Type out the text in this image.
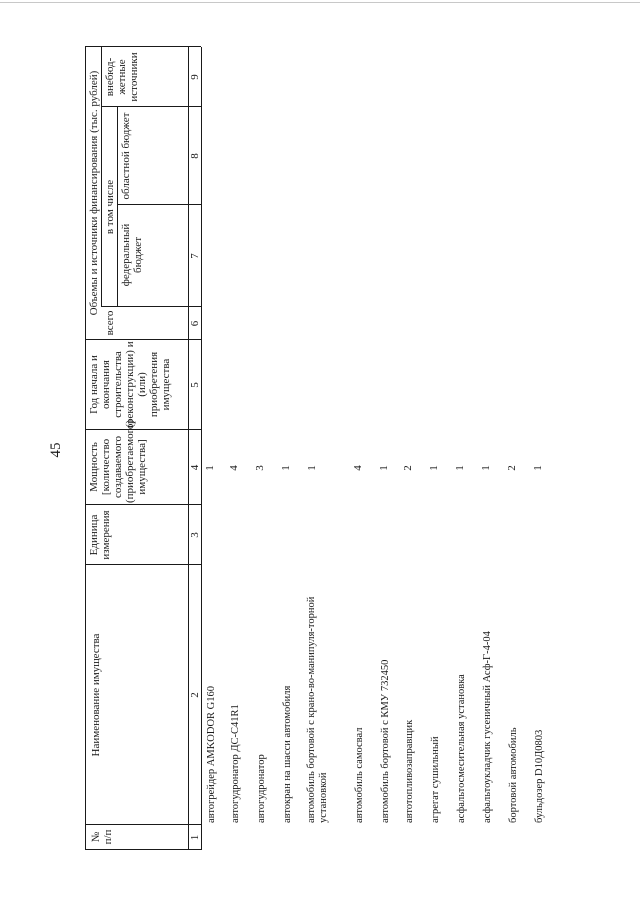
45
№ п/п
Наименование имущества
Единица измерения
Мощность [количество создаваемого (приобретаемого) имущества]
Год начала и окончания строительства (реконструкции) и (или) приобретения имущества
Объемы и источники финансирования (тыс. рублей)
всего
в том числе
федеральный бюджет
областной бюджет
внебюд-жетные источники
1
2
3
4
5
6
7
8
9
автогрейдер AMKODOR G160
1
автогудронатор ДС-С41R1
4
автогудронатор
3
автокран на шасси автомобиля
1
автомобиль бортовой с крано-во-манипуля-торной установкой
1
автомобиль самосвал
4
автомобиль бортовой с КМУ 732450
1
автотопливозаправщик
2
агрегат сушильный
1
асфальтосмесительная установка
1
асфальтоукладчик гусеничный Асф-Г-4-04
1
бортовой автомобиль
2
бульдозер D10Д0803
1
